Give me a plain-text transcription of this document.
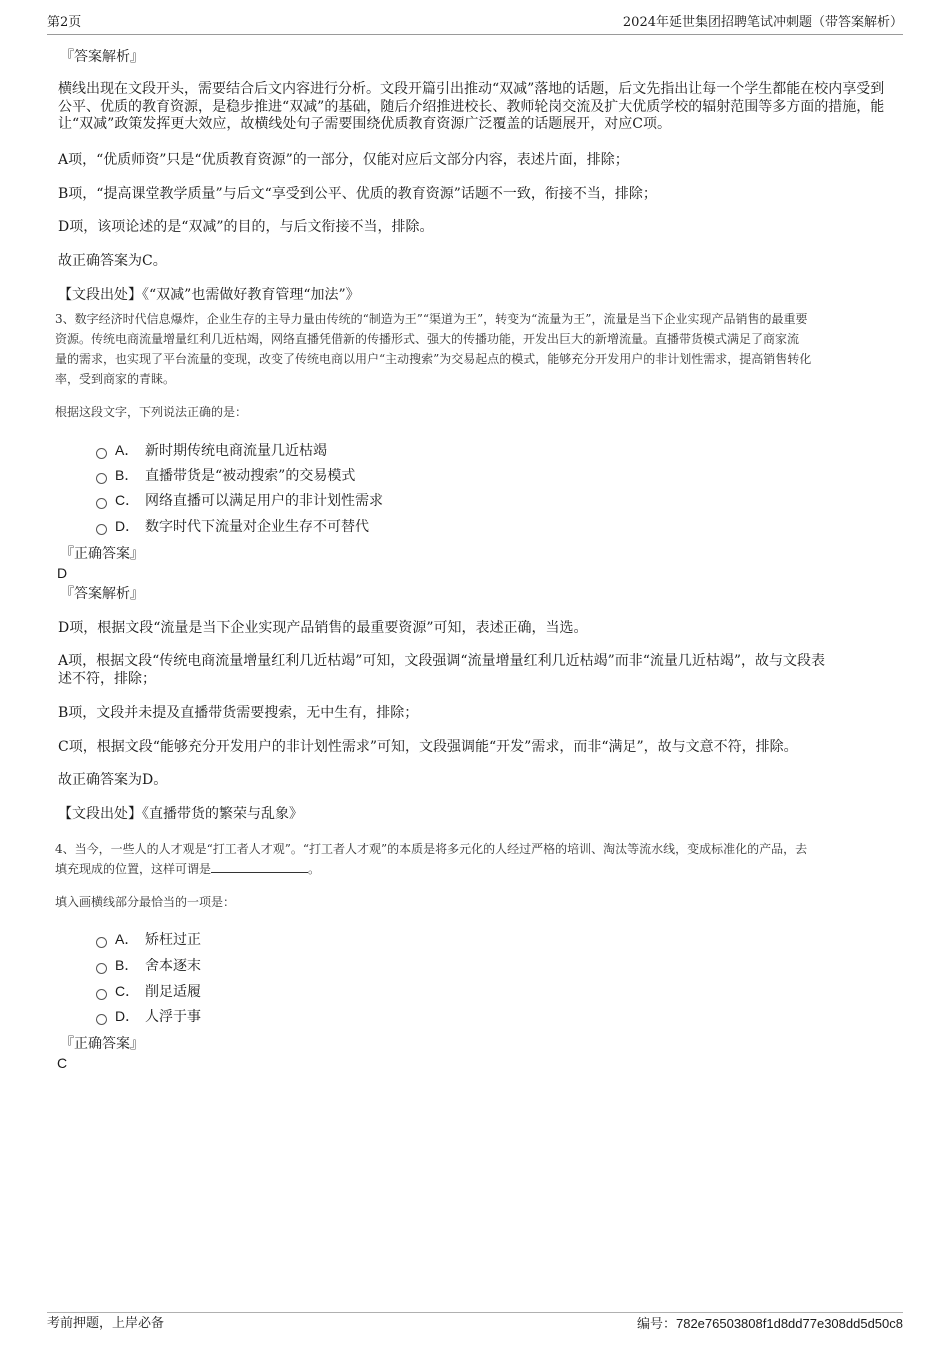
第2页	2024年延世集团招聘笔试冲刺题（带答案解析）
『答案解析』
横线出现在文段开头，需要结合后文内容进行分析。文段开篇引出推动“双减”落地的话题，后文先指出让每一个学生都能在校内享受到公平、优质的教育资源，是稳步推进“双减”的基础，随后介绍推进校长、教师轮岗交流及扩大优质学校的辐射范围等多方面的措施，能让“双减”政策发挥更大效应，故横线处句子需要围绕优质教育资源广泛覆盖的话题展开，对应C项。
A项，“优质师资”只是“优质教育资源”的一部分，仅能对应后文部分内容，表述片面，排除；
B项，“提高课堂教学质量”与后文“享受到公平、优质的教育资源”话题不一致，衔接不当，排除；
D项，该项论述的是“双减”的目的，与后文衔接不当，排除。
故正确答案为C。
【文段出处】《“双减”也需做好教育管理“加法”》
3、数字经济时代信息爆炸，企业生存的主导力量由传统的“制造为王”“渠道为王”，转变为“流量为王”，流量是当下企业实现产品销售的最重要
资源。传统电商流量增量红利几近枯竭，网络直播凭借新的传播形式、强大的传播功能，开发出巨大的新增流量。直播带货模式满足了商家流
量的需求，也实现了平台流量的变现，改变了传统电商以用户“主动搜索”为交易起点的模式，能够充分开发用户的非计划性需求，提高销售转化
率，受到商家的青睐。
根据这段文字，下列说法正确的是：
A． 新时期传统电商流量几近枯竭
B． 直播带货是“被动搜索”的交易模式
C． 网络直播可以满足用户的非计划性需求
D． 数字时代下流量对企业生存不可替代
『正确答案』
D
『答案解析』
D项，根据文段“流量是当下企业实现产品销售的最重要资源”可知，表述正确，当选。
A项，根据文段“传统电商流量增量红利几近枯竭”可知，文段强调“流量增量红利几近枯竭”而非“流量几近枯竭”，故与文段表
述不符，排除；
B项，文段并未提及直播带货需要搜索，无中生有，排除；
C项，根据文段“能够充分开发用户的非计划性需求”可知，文段强调能“开发”需求，而非“满足”，故与文意不符，排除。
故正确答案为D。
【文段出处】《直播带货的繁荣与乱象》
4、当今，一些人的人才观是“打工者人才观”。“打工者人才观”的本质是将多元化的人经过严格的培训、淘汰等流水线，变成标准化的产品，去
填充现成的位置，这样可谓是	。
填入画横线部分最恰当的一项是：
A． 矫枉过正
B． 舍本逐末
C． 削足适履
D． 人浮于事
『正确答案』
C
考前押题，上岸必备	编号：782e76503808f1d8dd77e308dd5d50c8
